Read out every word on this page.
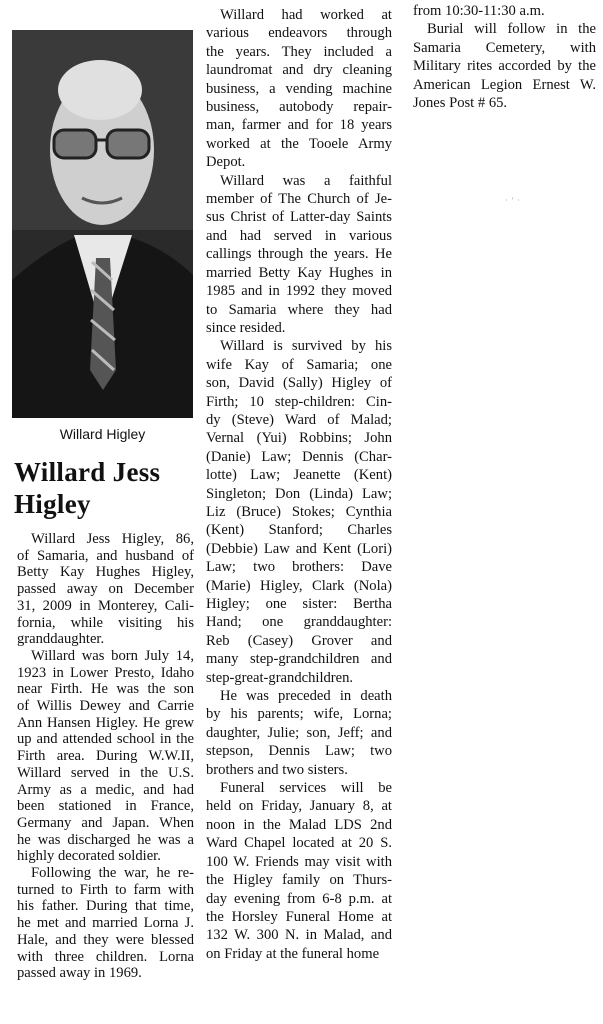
Willard Higley
Willard Jess
Higley
Willard Jess Higley, 86,
of Samaria, and husband of
Betty Kay Hughes Higley,
passed away on December
31, 2009 in Monterey, Cali-
fornia, while visiting his
granddaughter.
Willard was born July 14,
1923 in Lower Presto, Idaho
near Firth. He was the son
of Willis Dewey and Carrie
Ann Hansen Higley. He grew
up and attended school in the
Firth area. During W.W.II,
Willard served in the U.S.
Army as a medic, and had
been stationed in France,
Germany and Japan. When
he was discharged he was a
highly decorated soldier.
Following the war, he re-
turned to Firth to farm with
his father. During that time,
he met and married Lorna J.
Hale, and they were blessed
with three children. Lorna
passed away in 1969.
Willard had worked at
various endeavors through
the years. They included a
laundromat and dry cleaning
business, a vending machine
business, autobody repair-
man, farmer and for 18 years
worked at the Tooele Army
Depot.
Willard was a faithful
member of The Church of Je-
sus Christ of Latter-day Saints
and had served in various
callings through the years. He
married Betty Kay Hughes in
1985 and in 1992 they moved
to Samaria where they had
since resided.
Willard is survived by his
wife Kay of Samaria; one
son, David (Sally) Higley of
Firth; 10 step-children: Cin-
dy (Steve) Ward of Malad;
Vernal (Yui) Robbins; John
(Danie) Law; Dennis (Char-
lotte) Law; Jeanette (Kent)
Singleton; Don (Linda) Law;
Liz (Bruce) Stokes; Cynthia
(Kent) Stanford; Charles
(Debbie) Law and Kent (Lori)
Law; two brothers: Dave
(Marie) Higley, Clark (Nola)
Higley; one sister: Bertha
Hand; one granddaughter:
Reb (Casey) Grover and
many step-grandchildren and
step-great-grandchildren.
He was preceded in death
by his parents; wife, Lorna;
daughter, Julie; son, Jeff; and
stepson, Dennis Law; two
brothers and two sisters.
Funeral services will be
held on Friday, January 8, at
noon in the Malad LDS 2nd
Ward Chapel located at 20 S.
100 W. Friends may visit with
the Higley family on Thurs-
day evening from 6-8 p.m. at
the Horsley Funeral Home at
132 W. 300 N. in Malad, and
on Friday at the funeral home
from 10:30-11:30 a.m.
Burial will follow in the
Samaria Cemetery, with
Military rites accorded by the
American Legion Ernest W.
Jones Post # 65.
· ' ·
